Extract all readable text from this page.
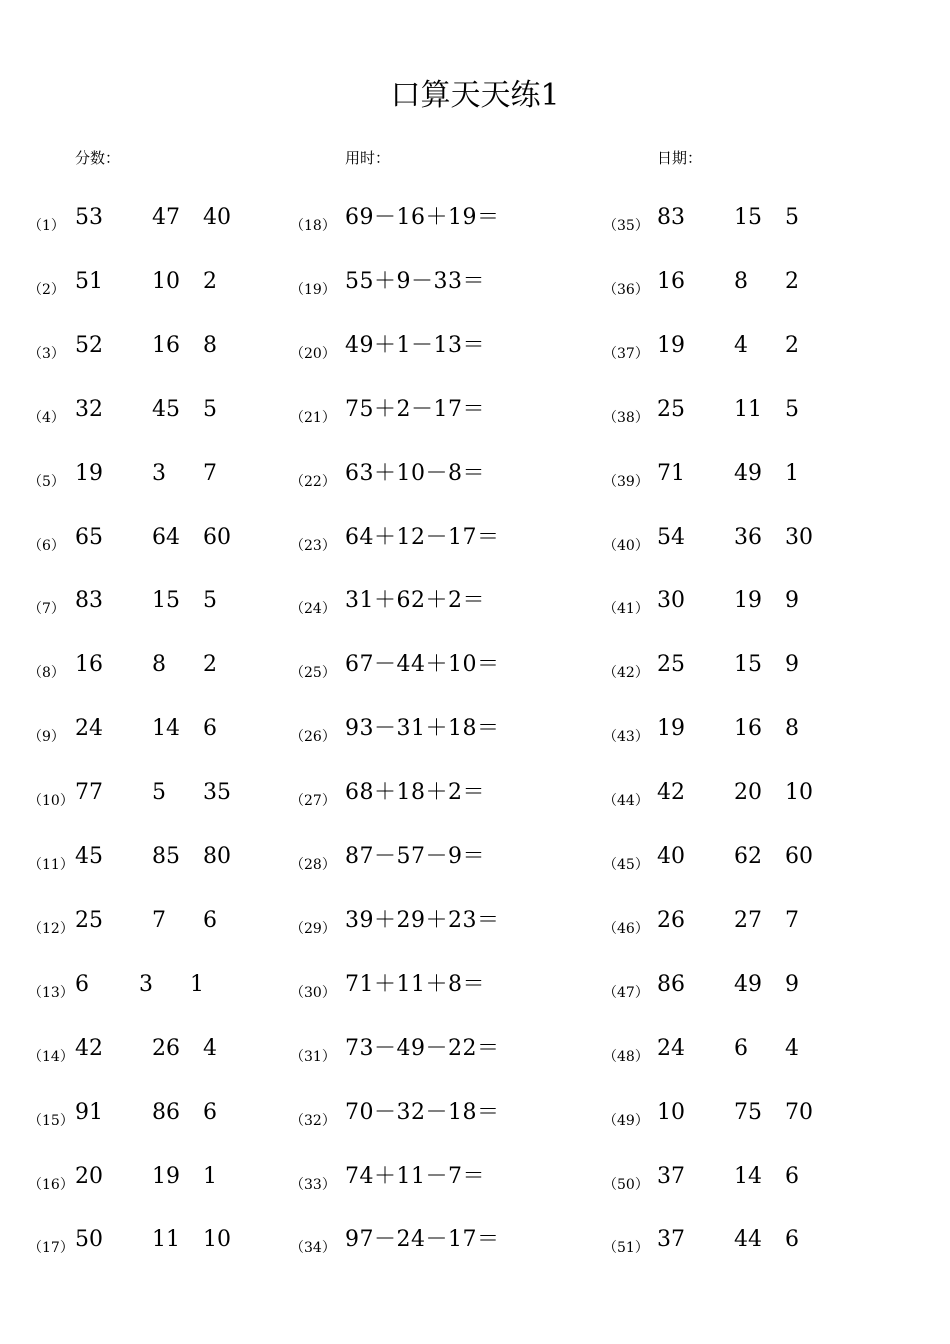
口算天天练1
分数：	用时：	日期：
（1） 53 47 40
（2） 51 10 2
（3） 52 16 8
（4） 32 45 5
（5） 19 3 7
（6） 65 64 60
（7） 83 15 5
（8） 16 8 2
（9） 24 14 6
（10） 77 5 35
（11） 45 85 80
（12） 25 7 6
（13） 6 3 1
（14） 42 26 4
（15） 91 86 6
（16） 20 19 1
（17） 50 11 10
（18） 69－16＋19＝
（19） 55＋9－33＝
（20） 49＋1－13＝
（21） 75＋2－17＝
（22） 63＋10－8＝
（23） 64＋12－17＝
（24） 31＋62＋2＝
（25） 67－44＋10＝
（26） 93－31＋18＝
（27） 68＋18＋2＝
（28） 87－57－9＝
（29） 39＋29＋23＝
（30） 71＋11＋8＝
（31） 73－49－22＝
（32） 70－32－18＝
（33） 74＋11－7＝
（34） 97－24－17＝
（35） 83 15 5
（36） 16 8 2
（37） 19 4 2
（38） 25 11 5
（39） 71 49 1
（40） 54 36 30
（41） 30 19 9
（42） 25 15 9
（43） 19 16 8
（44） 42 20 10
（45） 40 62 60
（46） 26 27 7
（47） 86 49 9
（48） 24 6 4
（49） 10 75 70
（50） 37 14 6
（51） 37 44 6
